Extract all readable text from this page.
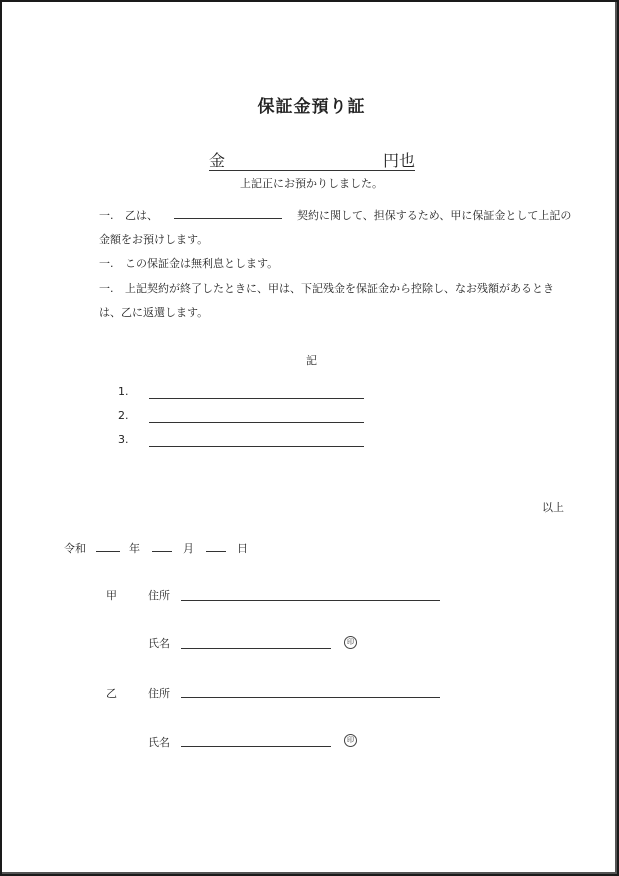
保証金預り証
金	円也
上記正にお預かりしました。
一. 乙は、	契約に関して、担保するため、甲に保証金として上記の
金額をお預けします。
一. この保証金は無利息とします。
一. 上記契約が終了したときに、甲は、下記残金を保証金から控除し、なお残額があるとき
は、乙に返還します。
記
1.
2.
3.
以上
令和	年	月	日
甲	住所
氏名	印
乙	住所
氏名	印
